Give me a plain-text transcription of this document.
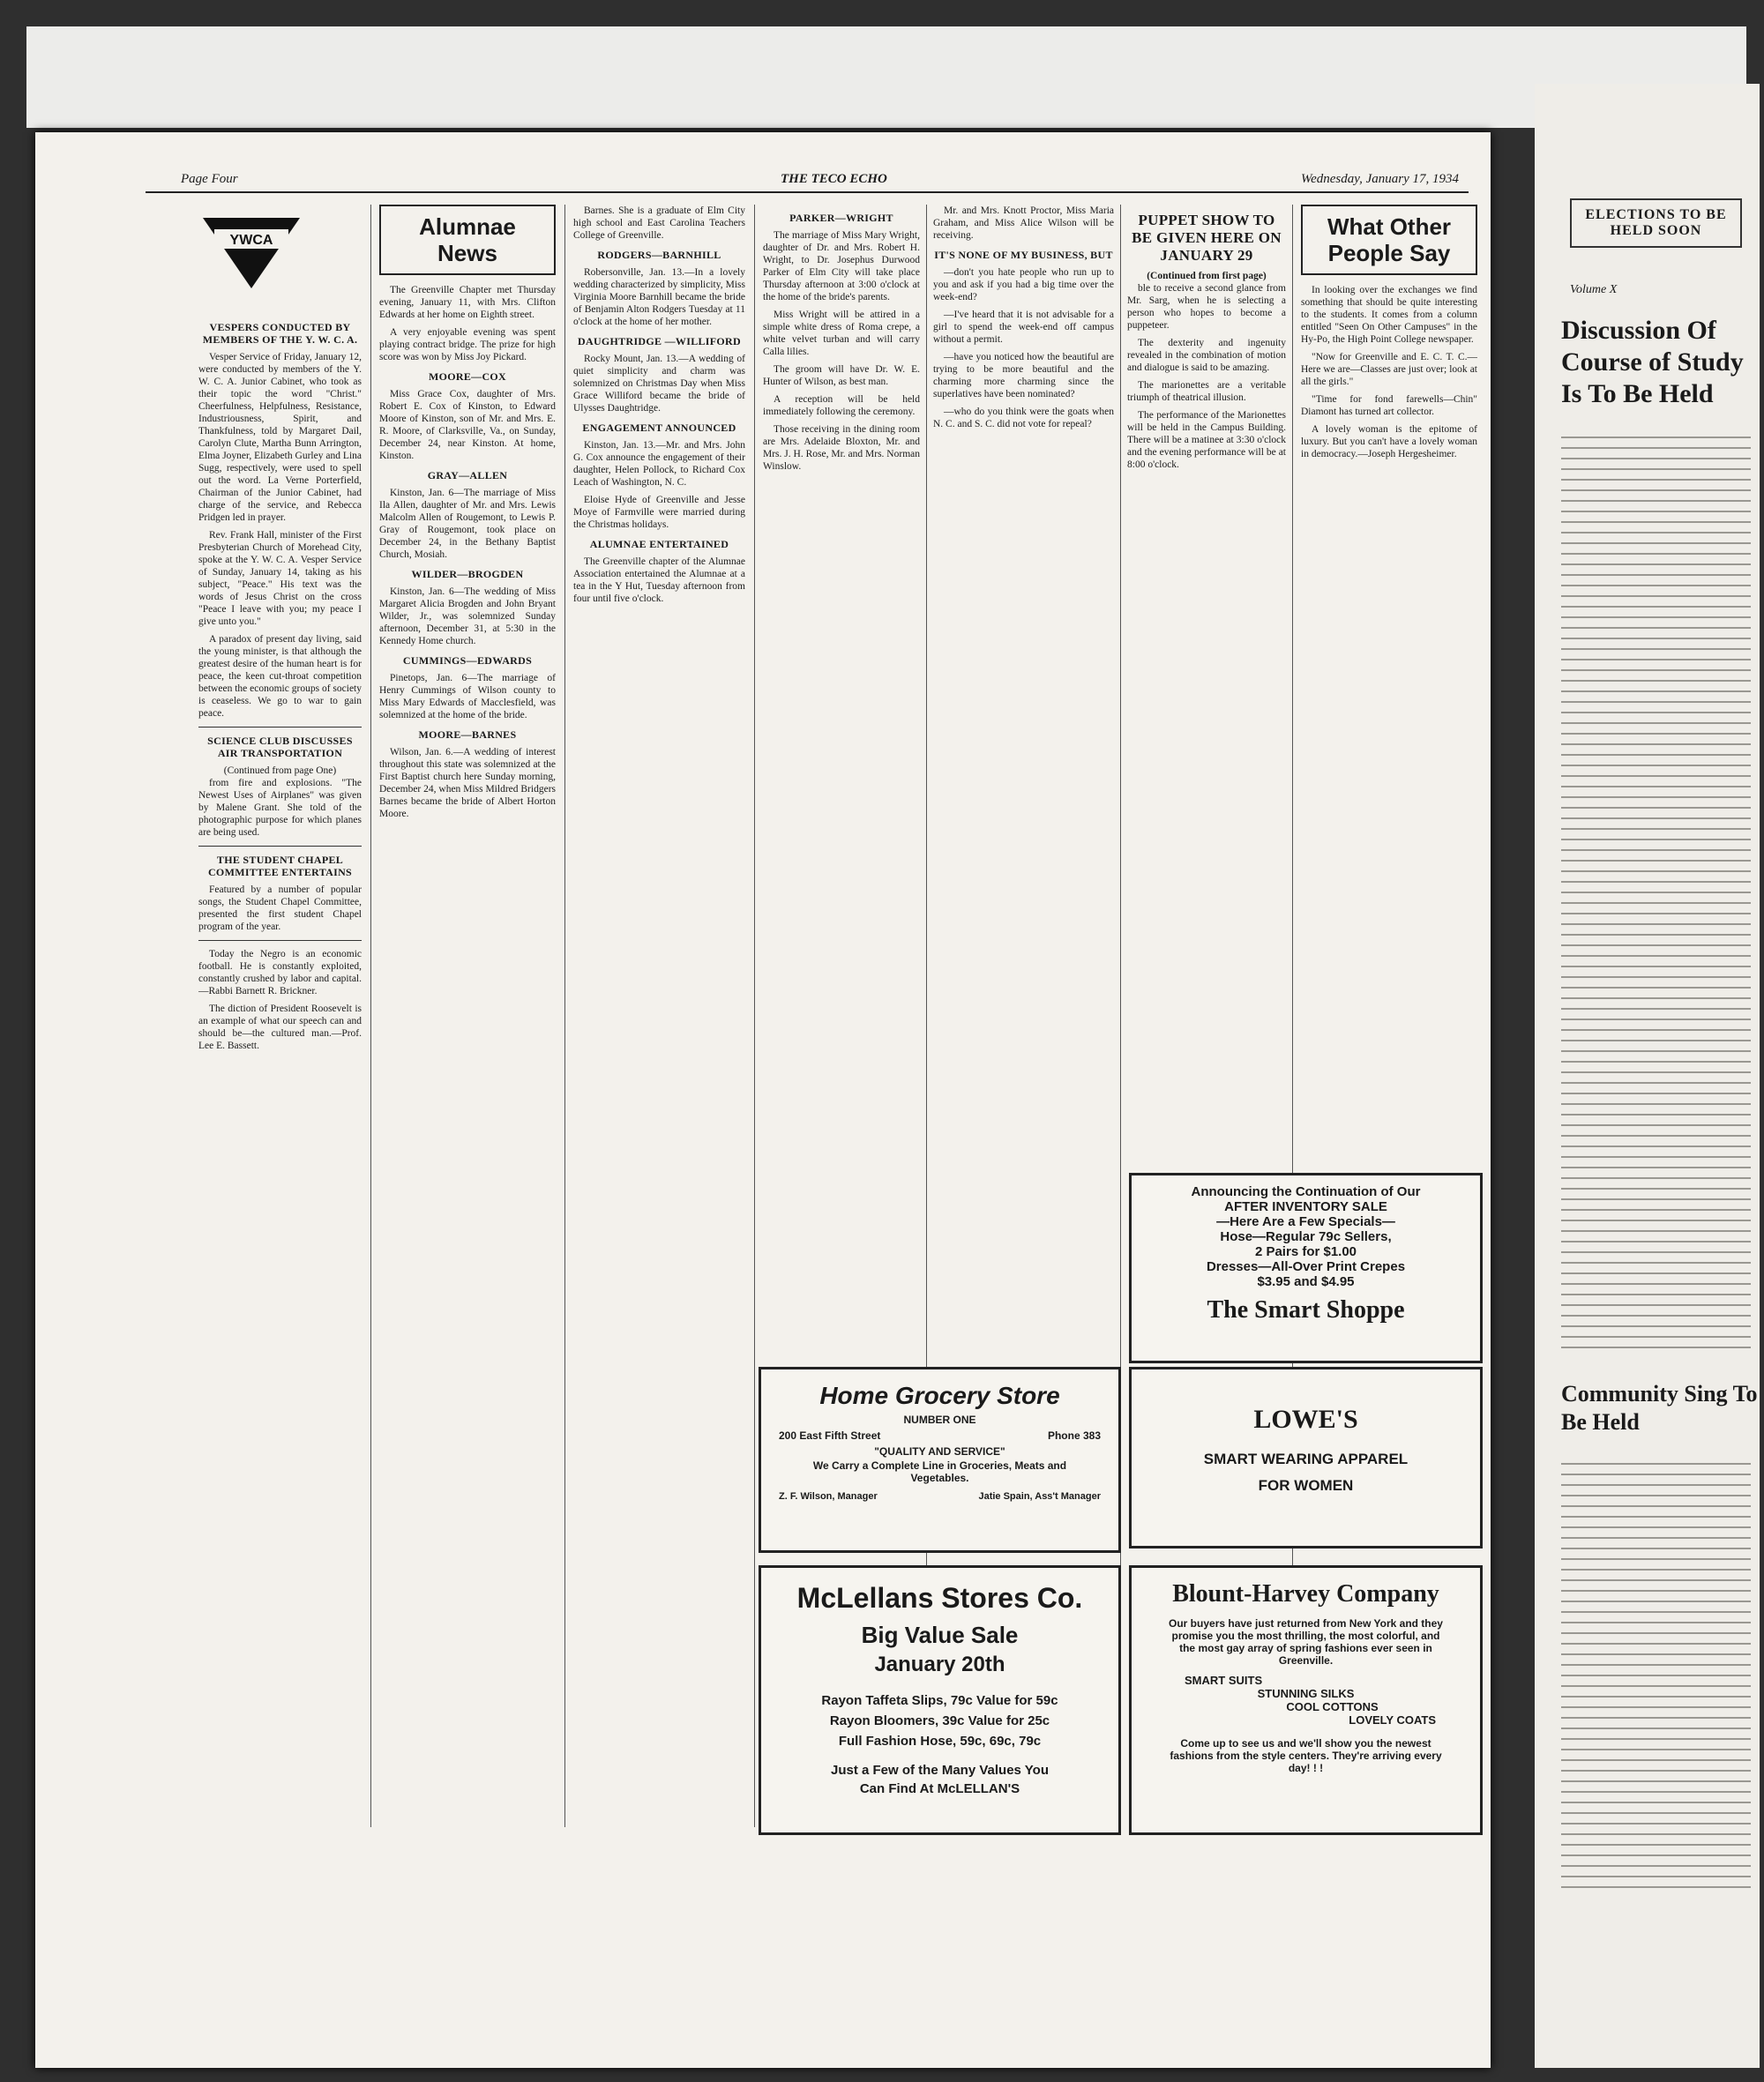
ELECTIONS TO BE HELD SOON
Volume X
Discussion Of Course of Study Is To Be Held
Community Sing To Be Held
Page Four	THE TECO ECHO	Wednesday, January 17, 1934
YWCA
VESPERS CONDUCTED BY MEMBERS OF THE Y. W. C. A.

Vesper Service of Friday, January 12, were conducted by members of the Y. W. C. A. Junior Cabinet, who took as their topic the word "Christ." Cheerfulness, Helpfulness, Resistance, Industriousness, Spirit, and Thankfulness, told by Margaret Dail, Carolyn Clute, Martha Bunn Arrington, Elma Joyner, Elizabeth Gurley and Lina Sugg, respectively, were used to spell out the word. La Verne Porterfield, Chairman of the Junior Cabinet, had charge of the service, and Rebecca Pridgen led in prayer.

Rev. Frank Hall, minister of the First Presbyterian Church of Morehead City, spoke at the Y. W. C. A. Vesper Service of Sunday, January 14, taking as his subject, "Peace." His text was the words of Jesus Christ on the cross "Peace I leave with you; my peace I give unto you."

A paradox of present day living, said the young minister, is that although the greatest desire of the human heart is for peace, the keen cut-throat competition between the economic groups of society is ceaseless. We go to war to gain peace.

SCIENCE CLUB DISCUSSES AIR TRANSPORTATION
(Continued from page One)

from fire and explosions. "The Newest Uses of Airplanes" was given by Malene Grant. She told of the photographic purpose for which planes are being used.

THE STUDENT CHAPEL COMMITTEE ENTERTAINS

Featured by a number of popular songs, the Student Chapel Committee, presented the first student Chapel program of the year.

Today the Negro is an economic football. He is constantly exploited, constantly crushed by labor and capital.—Rabbi Barnett R. Brickner.

The diction of President Roosevelt is an example of what our speech can and should be—the cultured man.—Prof. Lee E. Bassett.

Alumnae News

The Greenville Chapter met Thursday evening, January 11, with Mrs. Clifton Edwards at her home on Eighth street.

A very enjoyable evening was spent playing contract bridge. The prize for high score was won by Miss Joy Pickard.

MOORE—COX

Miss Grace Cox, daughter of Mrs. Robert E. Cox of Kinston, to Edward Moore of Kinston, son of Mr. and Mrs. E. R. Moore, of Clarksville, Va., on Sunday, December 24, near Kinston. At home, Kinston.

GRAY—ALLEN

Kinston, Jan. 6—The marriage of Miss Ila Allen, daughter of Mr. and Mrs. Lewis Malcolm Allen of Rougemont, to Lewis P. Gray of Rougemont, took place on December 24, in the Bethany Baptist Church, Mosiah.

WILDER—BROGDEN

Kinston, Jan. 6—The wedding of Miss Margaret Alicia Brogden and John Bryant Wilder, Jr., was solemnized Sunday afternoon, December 31, at 5:30 in the Kennedy Home church.

CUMMINGS—EDWARDS

Pinetops, Jan. 6—The marriage of Henry Cummings of Wilson county to Miss Mary Edwards of Macclesfield, was solemnized at the home of the bride.

MOORE—BARNES

Wilson, Jan. 6.—A wedding of interest throughout this state was solemnized at the First Baptist church here Sunday morning, December 24, when Miss Mildred Bridgers Barnes became the bride of Albert Horton Moore.

Barnes. She is a graduate of Elm City high school and East Carolina Teachers College of Greenville.

RODGERS—BARNHILL

Robersonville, Jan. 13.—In a lovely wedding characterized by simplicity, Miss Virginia Moore Barnhill became the bride of Benjamin Alton Rodgers Tuesday at 11 o'clock at the home of her mother.

DAUGHTRIDGE —WILLIFORD

Rocky Mount, Jan. 13.—A wedding of quiet simplicity and charm was solemnized on Christmas Day when Miss Grace Williford became the bride of Ulysses Daughtridge.

ENGAGEMENT ANNOUNCED

Kinston, Jan. 13.—Mr. and Mrs. John G. Cox announce the engagement of their daughter, Helen Pollock, to Richard Cox Leach of Washington, N. C.

Eloise Hyde of Greenville and Jesse Moye of Farmville were married during the Christmas holidays.

ALUMNAE ENTERTAINED

The Greenville chapter of the Alumnae Association entertained the Alumnae at a tea in the Y Hut, Tuesday afternoon from four until five o'clock.

PARKER—WRIGHT

The marriage of Miss Mary Wright, daughter of Dr. and Mrs. Robert H. Wright, to Dr. Josephus Durwood Parker of Elm City will take place Thursday afternoon at 3:00 o'clock at the home of the bride's parents.

Miss Wright will be attired in a simple white dress of Roma crepe, a white velvet turban and will carry Calla lilies.

The groom will have Dr. W. E. Hunter of Wilson, as best man.

A reception will be held immediately following the ceremony.

Those receiving in the dining room are Mrs. Adelaide Bloxton, Mr. and Mrs. J. H. Rose, Mr. and Mrs. Norman Winslow.

Mr. and Mrs. Knott Proctor, Miss Maria Graham, and Miss Alice Wilson will be receiving.

IT'S NONE OF MY BUSINESS, BUT

—don't you hate people who run up to you and ask if you had a big time over the week-end?

—I've heard that it is not advisable for a girl to spend the week-end off campus without a permit.

—have you noticed how the beautiful are trying to be more beautiful and the charming more charming since the superlatives have been nominated?

—who do you think were the goats when N. C. and S. C. did not vote for repeal?

PUPPET SHOW TO BE GIVEN HERE ON JANUARY 29
(Continued from first page)

ble to receive a second glance from Mr. Sarg, when he is selecting a person who hopes to become a puppeteer.

The dexterity and ingenuity revealed in the combination of motion and dialogue is said to be amazing.

The marionettes are a veritable triumph of theatrical illusion.

The performance of the Marionettes will be held in the Campus Building. There will be a matinee at 3:30 o'clock and the evening performance will be at 8:00 o'clock.

What Other People Say

In looking over the exchanges we find something that should be quite interesting to the students. It comes from a column entitled "Seen On Other Campuses" in the Hy-Po, the High Point College newspaper.

"Now for Greenville and E. C. T. C.—Here we are—Classes are just over; look at all the girls."

"Time for fond farewells—Chin" Diamont has turned art collector.

A lovely woman is the epitome of luxury. But you can't have a lovely woman in democracy.—Joseph Hergesheimer.

Announcing the Continuation of Our
AFTER INVENTORY SALE
—Here Are a Few Specials—
Hose—Regular 79c Sellers,
2 Pairs for $1.00
Dresses—All-Over Print Crepes
$3.95 and $4.95
The Smart Shoppe
Home Grocery Store
NUMBER ONE
200 East Fifth Street	Phone 383
"QUALITY AND SERVICE"
We Carry a Complete Line in Groceries, Meats and Vegetables.
Z. F. Wilson, Manager	Jatie Spain, Ass't Manager
LOWE'S
SMART WEARING APPAREL
FOR WOMEN
McLellans Stores Co.
Big Value Sale
January 20th
Rayon Taffeta Slips, 79c Value for 59c
Rayon Bloomers, 39c Value for 25c
Full Fashion Hose, 59c, 69c, 79c
Just a Few of the Many Values You
Can Find At McLELLAN'S
Blount-Harvey Company
Our buyers have just returned from New York and they promise you the most thrilling, the most colorful, and the most gay array of spring fashions ever seen in Greenville.
SMART SUITS
STUNNING SILKS
COOL COTTONS
LOVELY COATS
Come up to see us and we'll show you the newest fashions from the style centers. They're arriving every day! ! !
